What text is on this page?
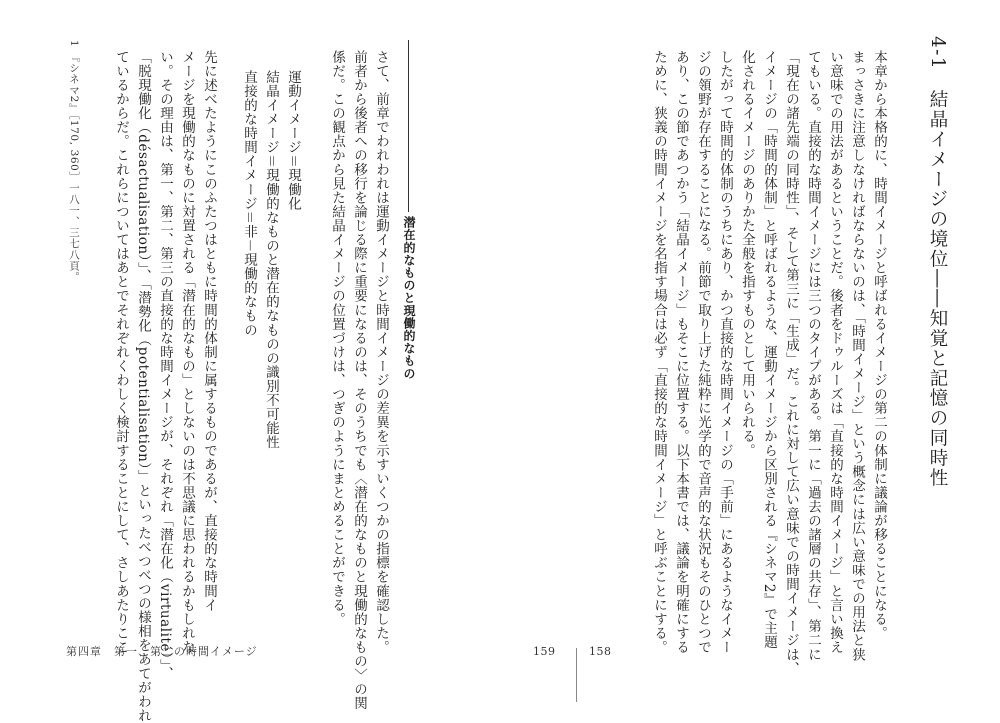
4-1　結晶イメージの境位――知覚と記憶の同時性
本章から本格的に、時間イメージと呼ばれるイメージの第二の体制に議論が移ることになる。
まっさきに注意しなければならないのは、「時間イメージ」という概念には広い意味での用法と狭
い意味での用法があるということだ。後者をドゥルーズは「直接的な時間イメージ」と言い換え
てもいる。直接的な時間イメージには三つのタイプがある。第一に「過去の諸層の共存」、第二に
「現在の諸先端の同時性」、そして第三に「生成」だ。これに対して広い意味での時間イメージは、
イメージの「時間的体制」と呼ばれるような、運動イメージから区別される『シネマ2』で主題
化されるイメージのありかた全般を指すものとして用いられる。
したがって時間的体制のうちにあり、かつ直接的な時間イメージの「手前」にあるようなイメー
ジの領野が存在することになる。前節で取り上げた純粋に光学的で音声的な状況もそのひとつで
あり、この節であつかう「結晶イメージ」もそこに位置する。以下本書では、議論を明確にする
ために、狭義の時間イメージを名指す場合は必ず「直接的な時間イメージ」と呼ぶことにする。
158
潜在的なものと現働的なもの
さて、前章でわれわれは運動イメージと時間イメージの差異を示すいくつかの指標を確認した。
前者から後者への移行を論じる際に重要になるのは、そのうちでも〈潜在的なものと現働的なもの〉の関
係だ。この観点から見た結晶イメージの位置づけは、つぎのようにまとめることができる。
運動イメージ＝現働化
結晶イメージ＝現働的なものと潜在的なものの識別不可能性
直接的な時間イメージ＝非－現働的なもの
先に述べたようにこのふたつはともに時間的体制に属するものであるが、直接的な時間イ
メージを現働的なものに対置される「潜在的なもの」としないのは不思議に思われるかもしれな
い。その理由は、第一、第二、第三の直接的な時間イメージが、それぞれ「潜在化（virtualité）」、
「脱現働化（désactualisation）」、「潜勢化（potentialisation）」といったべつべつの様相をあてがわれ
ているからだ。これらについてはあとでそれぞれくわしく検討することにして、さしあたりここ
1 『シネマ2』［170, 360］一八一、三七八頁。
第四章　第一、第二の時間イメージ	159
